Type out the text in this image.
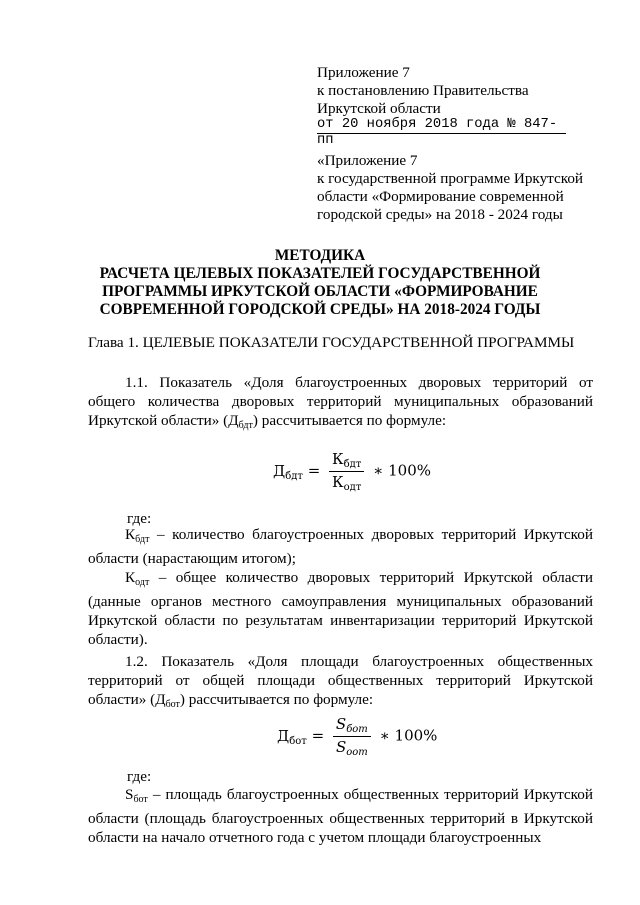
Приложение 7
к постановлению Правительства
Иркутской области
от 20 ноября 2018 года № 847-пп
«Приложение 7
к государственной программе Иркутской
области «Формирование современной
городской среды» на 2018 - 2024 годы
МЕТОДИКА
РАСЧЕТА ЦЕЛЕВЫХ ПОКАЗАТЕЛЕЙ ГОСУДАРСТВЕННОЙ
ПРОГРАММЫ ИРКУТСКОЙ ОБЛАСТИ «ФОРМИРОВАНИЕ
СОВРЕМЕННОЙ ГОРОДСКОЙ СРЕДЫ» НА 2018-2024 ГОДЫ
Глава 1. ЦЕЛЕВЫЕ ПОКАЗАТЕЛИ ГОСУДАРСТВЕННОЙ ПРОГРАММЫ

1.1. Показатель «Доля благоустроенных дворовых территорий от общего количества дворовых территорий муниципальных образований Иркутской области» $(Д_{бдт})$ рассчитывается по формуле:

$Д_{бдт} = \frac{К_{бдт}}{К_{одт}}$ ∗ 100%
где:

$К_{бдт}$ – количество благоустроенных дворовых территорий Иркутской области (нарастающим итогом);

$К_{одт}$ – общее количество дворовых территорий Иркутской области (данные органов местного самоуправления муниципальных образований Иркутской области по результатам инвентаризации территорий Иркутской области).

1.2. Показатель «Доля площади благоустроенных общественных территорий от общей площади общественных территорий Иркутской области» $(Д_{бот})$ рассчитывается по формуле:

$Д_{бот} = \frac{S_{бот}}{S_{оот}}$ ∗ 100%
где:

$S_{бот}$ – площадь благоустроенных общественных территорий Иркутской области (площадь благоустроенных общественных территорий в Иркутской области на начало отчетного года с учетом площади благоустроенных
